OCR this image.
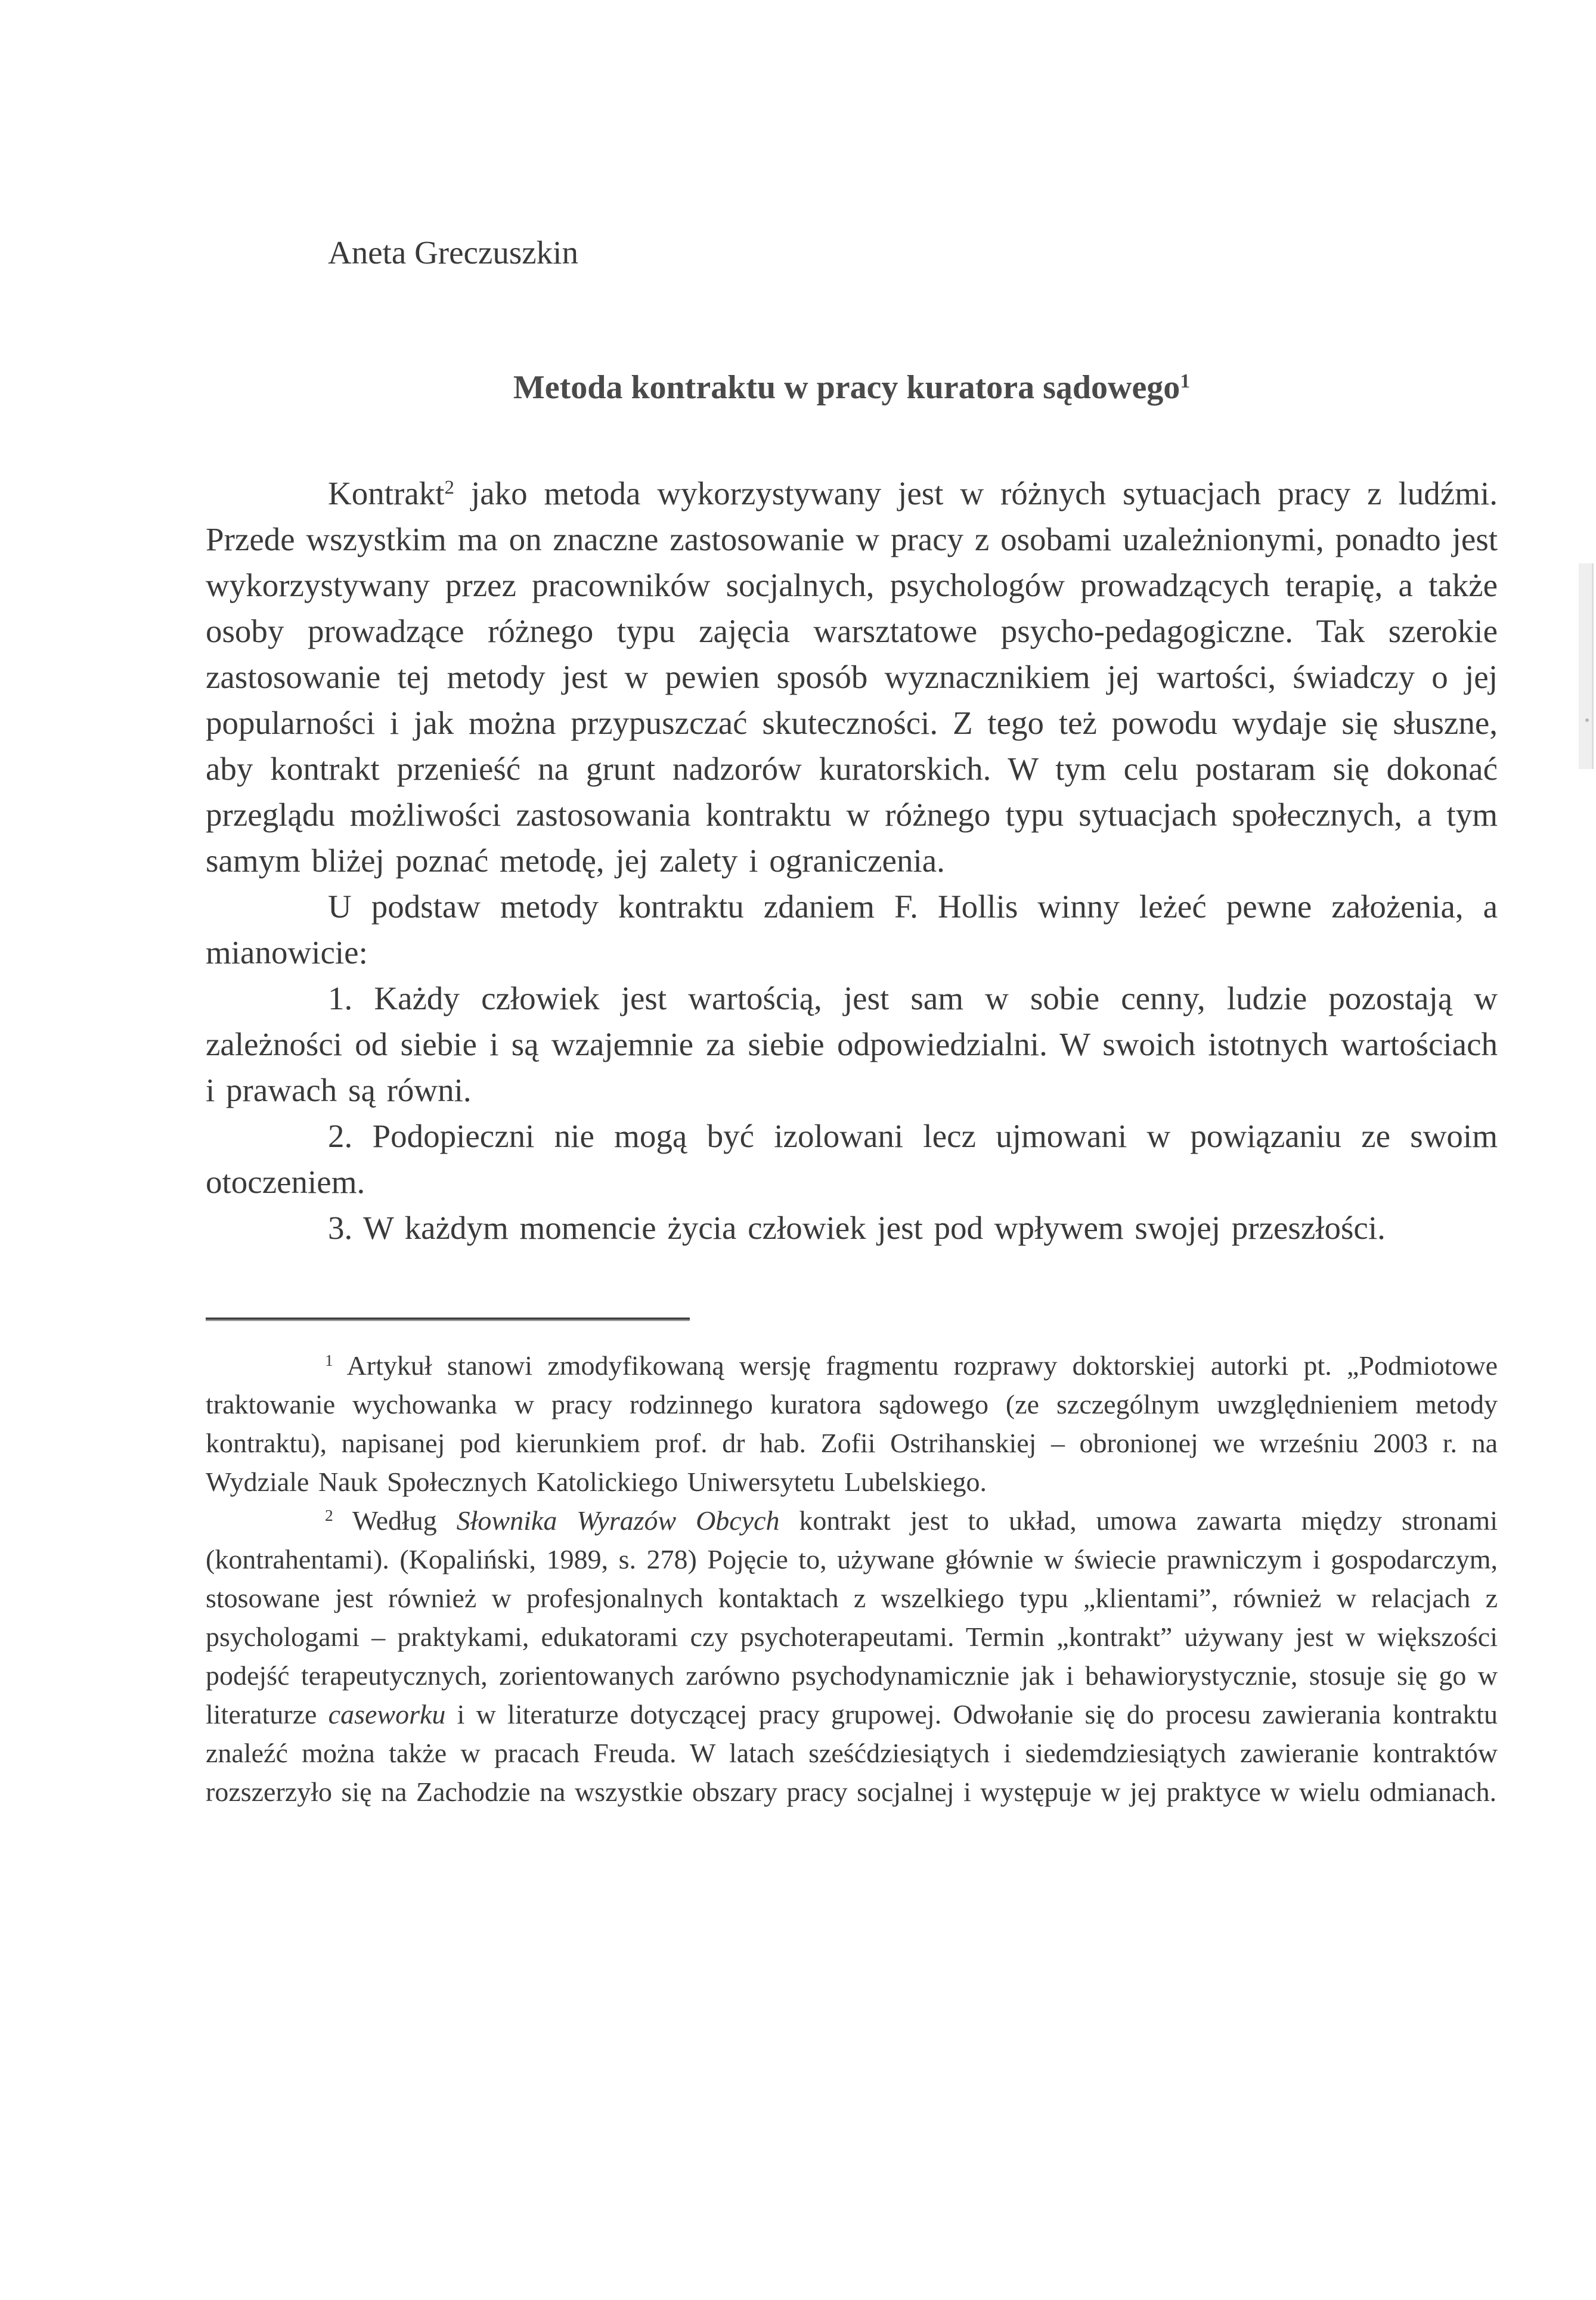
Aneta Greczuszkin

Metoda kontraktu w pracy kuratora sądowego$^1$

Kontrakt$^2$ jako metoda wykorzystywany jest w różnych sytuacjach pracy z ludźmi. Przede wszystkim ma on znaczne zastosowanie w pracy z osobami uzależnionymi, ponadto jest wykorzystywany przez pracowników socjalnych, psychologów prowadzących terapię, a także osoby prowadzące różnego typu zajęcia warsztatowe psycho-pedagogiczne. Tak szerokie zastosowanie tej metody jest w pewien sposób wyznacznikiem jej wartości, świadczy o jej popularności i jak można przypuszczać skuteczności. Z tego też powodu wydaje się słuszne, aby kontrakt przenieść na grunt nadzorów kuratorskich. W tym celu postaram się dokonać przeglądu możliwości zastosowania kontraktu w różnego typu sytuacjach społecznych, a tym samym bliżej poznać metodę, jej zalety i ograniczenia.

U podstaw metody kontraktu zdaniem F. Hollis winny leżeć pewne założenia, a mianowicie:

1. Każdy człowiek jest wartością, jest sam w sobie cenny, ludzie pozostają w zależności od siebie i są wzajemnie za siebie odpowiedzialni. W swoich istotnych wartościach i prawach są równi.

2. Podopieczni nie mogą być izolowani lecz ujmowani w powiązaniu ze swoim otoczeniem.

3. W każdym momencie życia człowiek jest pod wpływem swojej przeszłości.

$^1$ Artykuł stanowi zmodyfikowaną wersję fragmentu rozprawy doktorskiej autorki pt. „Podmiotowe traktowanie wychowanka w pracy rodzinnego kuratora sądowego (ze szczególnym uwzględnieniem metody kontraktu), napisanej pod kierunkiem prof. dr hab. Zofii Ostrihanskiej – obronionej we wrześniu 2003 r. na Wydziale Nauk Społecznych Katolickiego Uniwersytetu Lubelskiego.

$^2$ Według Słownika Wyrazów Obcych kontrakt jest to układ, umowa zawarta między stronami (kontrahentami). (Kopaliński, 1989, s. 278) Pojęcie to, używane głównie w świecie prawniczym i gospodarczym, stosowane jest również w profesjonalnych kontaktach z wszelkiego typu „klientami”, również w relacjach z psychologami – praktykami, edukatorami czy psychoterapeutami. Termin „kontrakt” używany jest w większości podejść terapeutycznych, zorientowanych zarówno psychodynamicznie jak i behawiorystycznie, stosuje się go w literaturze caseworku i w literaturze dotyczącej pracy grupowej. Odwołanie się do procesu zawierania kontraktu znaleźć można także w pracach Freuda. W latach sześćdziesiątych i siedemdziesiątych zawieranie kontraktów rozszerzyło się na Zachodzie na wszystkie obszary pracy socjalnej i występuje w jej praktyce w wielu odmianach.
